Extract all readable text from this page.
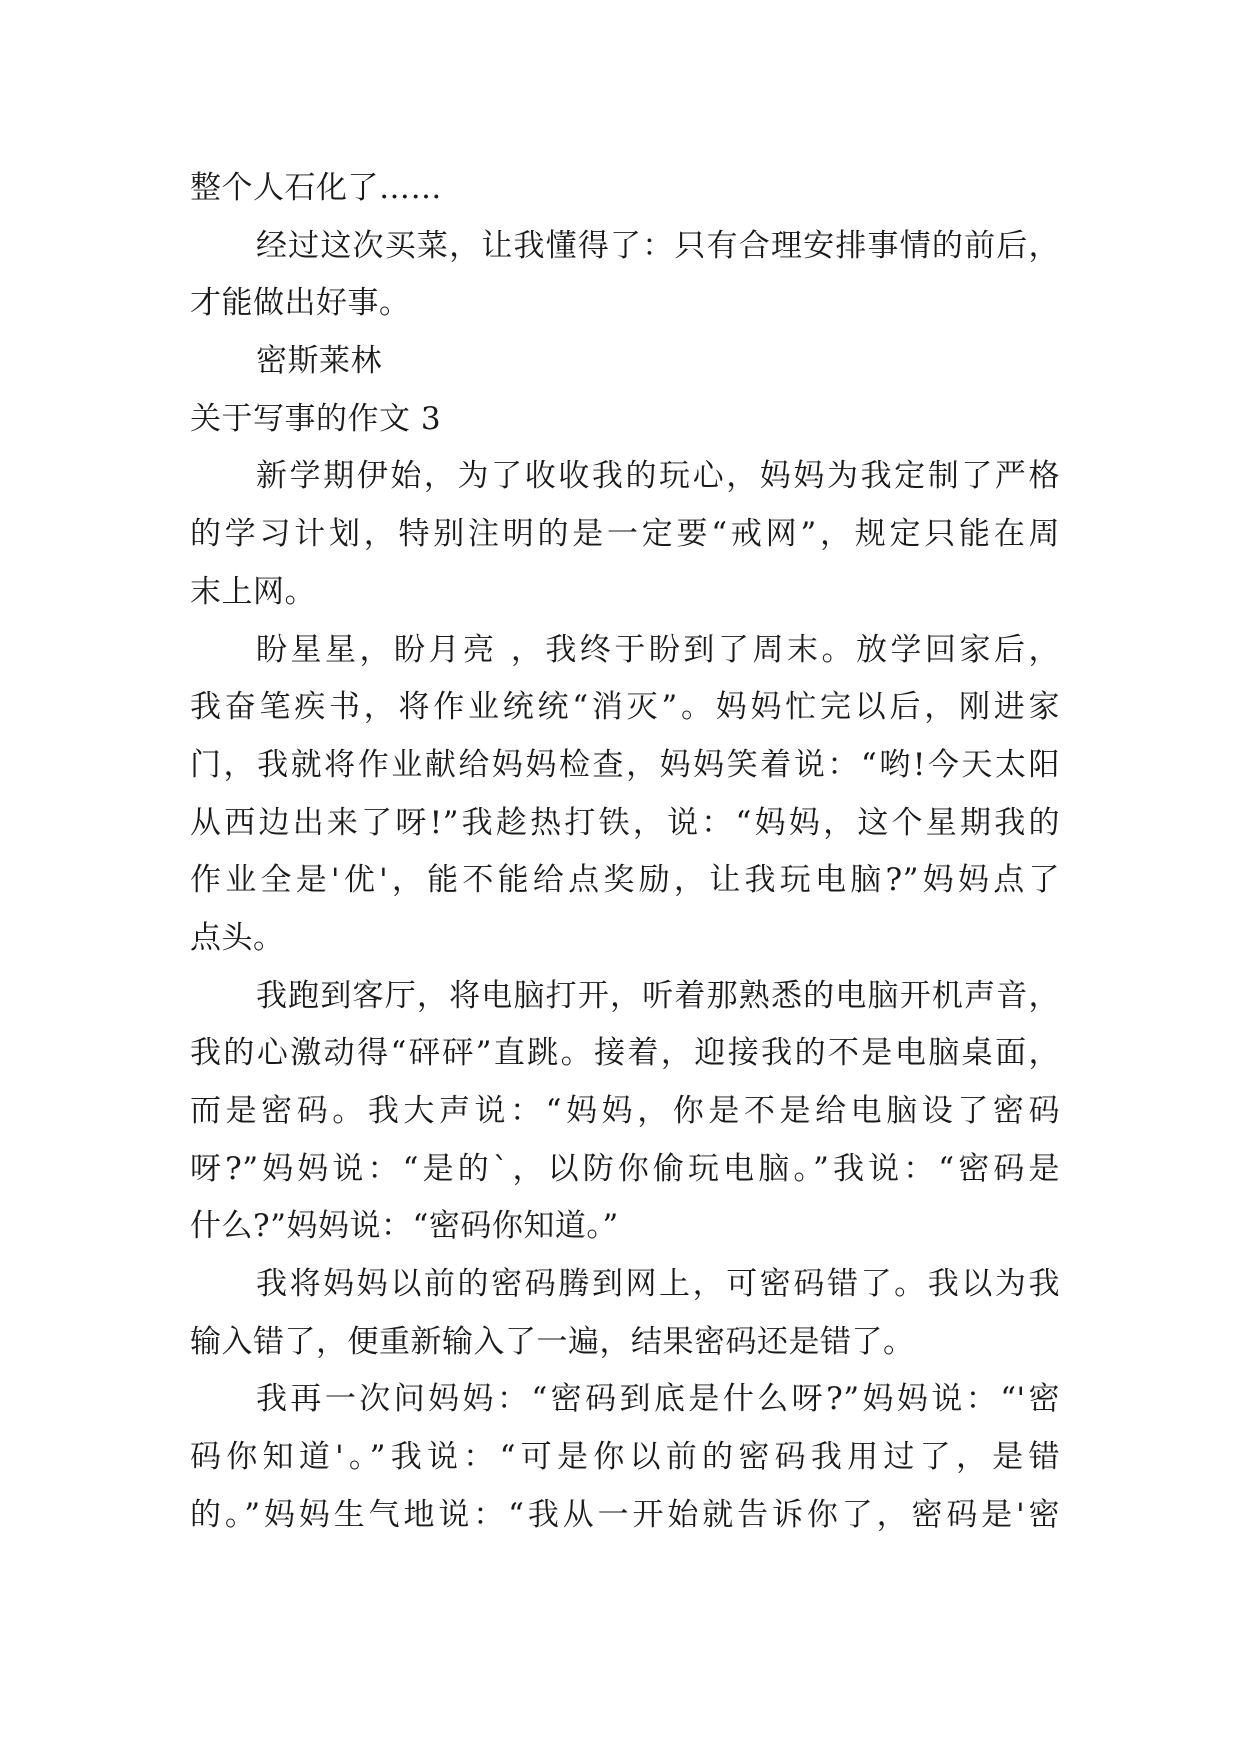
整个人石化了……
经过这次买菜，让我懂得了：只有合理安排事情的前后，
才能做出好事。
密斯莱林
关于写事的作文 3
新学期伊始，为了收收我的玩心，妈妈为我定制了严格
的学习计划，特别注明的是一定要“戒网”，规定只能在周
末上网。
盼星星，盼月亮 ，我终于盼到了周末。放学回家后，
我奋笔疾书，将作业统统“消灭”。妈妈忙完以后，刚进家
门，我就将作业献给妈妈检查，妈妈笑着说：“哟!今天太阳
从西边出来了呀!”我趁热打铁，说：“妈妈，这个星期我的
作业全是'优'，能不能给点奖励，让我玩电脑?”妈妈点了
点头。
我跑到客厅，将电脑打开，听着那熟悉的电脑开机声音，
我的心激动得“砰砰”直跳。接着，迎接我的不是电脑桌面，
而是密码。我大声说：“妈妈，你是不是给电脑设了密码
呀?”妈妈说：“是的`，以防你偷玩电脑。”我说：“密码是
什么?”妈妈说：“密码你知道。”
我将妈妈以前的密码腾到网上，可密码错了。我以为我
输入错了，便重新输入了一遍，结果密码还是错了。
我再一次问妈妈：“密码到底是什么呀?”妈妈说：“'密
码你知道'。”我说：“可是你以前的密码我用过了，是错
的。”妈妈生气地说：“我从一开始就告诉你了，密码是'密
